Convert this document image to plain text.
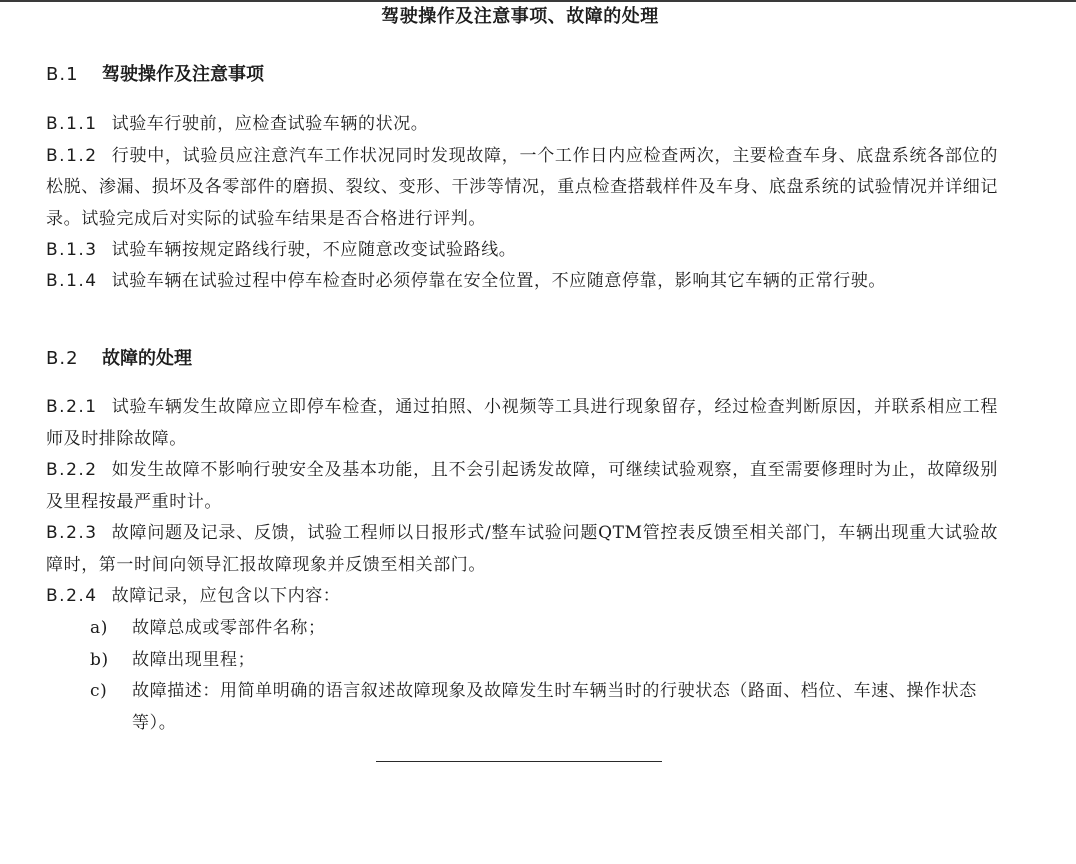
驾驶操作及注意事项、故障的处理
B.1 驾驶操作及注意事项
B.1.1 试验车行驶前，应检查试验车辆的状况。
B.1.2 行驶中，试验员应注意汽车工作状况同时发现故障，一个工作日内应检查两次，主要检查车身、底盘系统各部位的松脱、渗漏、损坏及各零部件的磨损、裂纹、变形、干涉等情况，重点检查搭载样件及车身、底盘系统的试验情况并详细记录。试验完成后对实际的试验车结果是否合格进行评判。
B.1.3 试验车辆按规定路线行驶，不应随意改变试验路线。
B.1.4 试验车辆在试验过程中停车检查时必须停靠在安全位置，不应随意停靠，影响其它车辆的正常行驶。
B.2 故障的处理
B.2.1 试验车辆发生故障应立即停车检查，通过拍照、小视频等工具进行现象留存，经过检查判断原因，并联系相应工程师及时排除故障。
B.2.2 如发生故障不影响行驶安全及基本功能，且不会引起诱发故障，可继续试验观察，直至需要修理时为止，故障级别及里程按最严重时计。
B.2.3 故障问题及记录、反馈，试验工程师以日报形式/整车试验问题QTM管控表反馈至相关部门，车辆出现重大试验故障时，第一时间向领导汇报故障现象并反馈至相关部门。
B.2.4 故障记录，应包含以下内容：
a) 故障总成或零部件名称；
b) 故障出现里程；
c) 故障描述：用简单明确的语言叙述故障现象及故障发生时车辆当时的行驶状态（路面、档位、车速、操作状态等）。
